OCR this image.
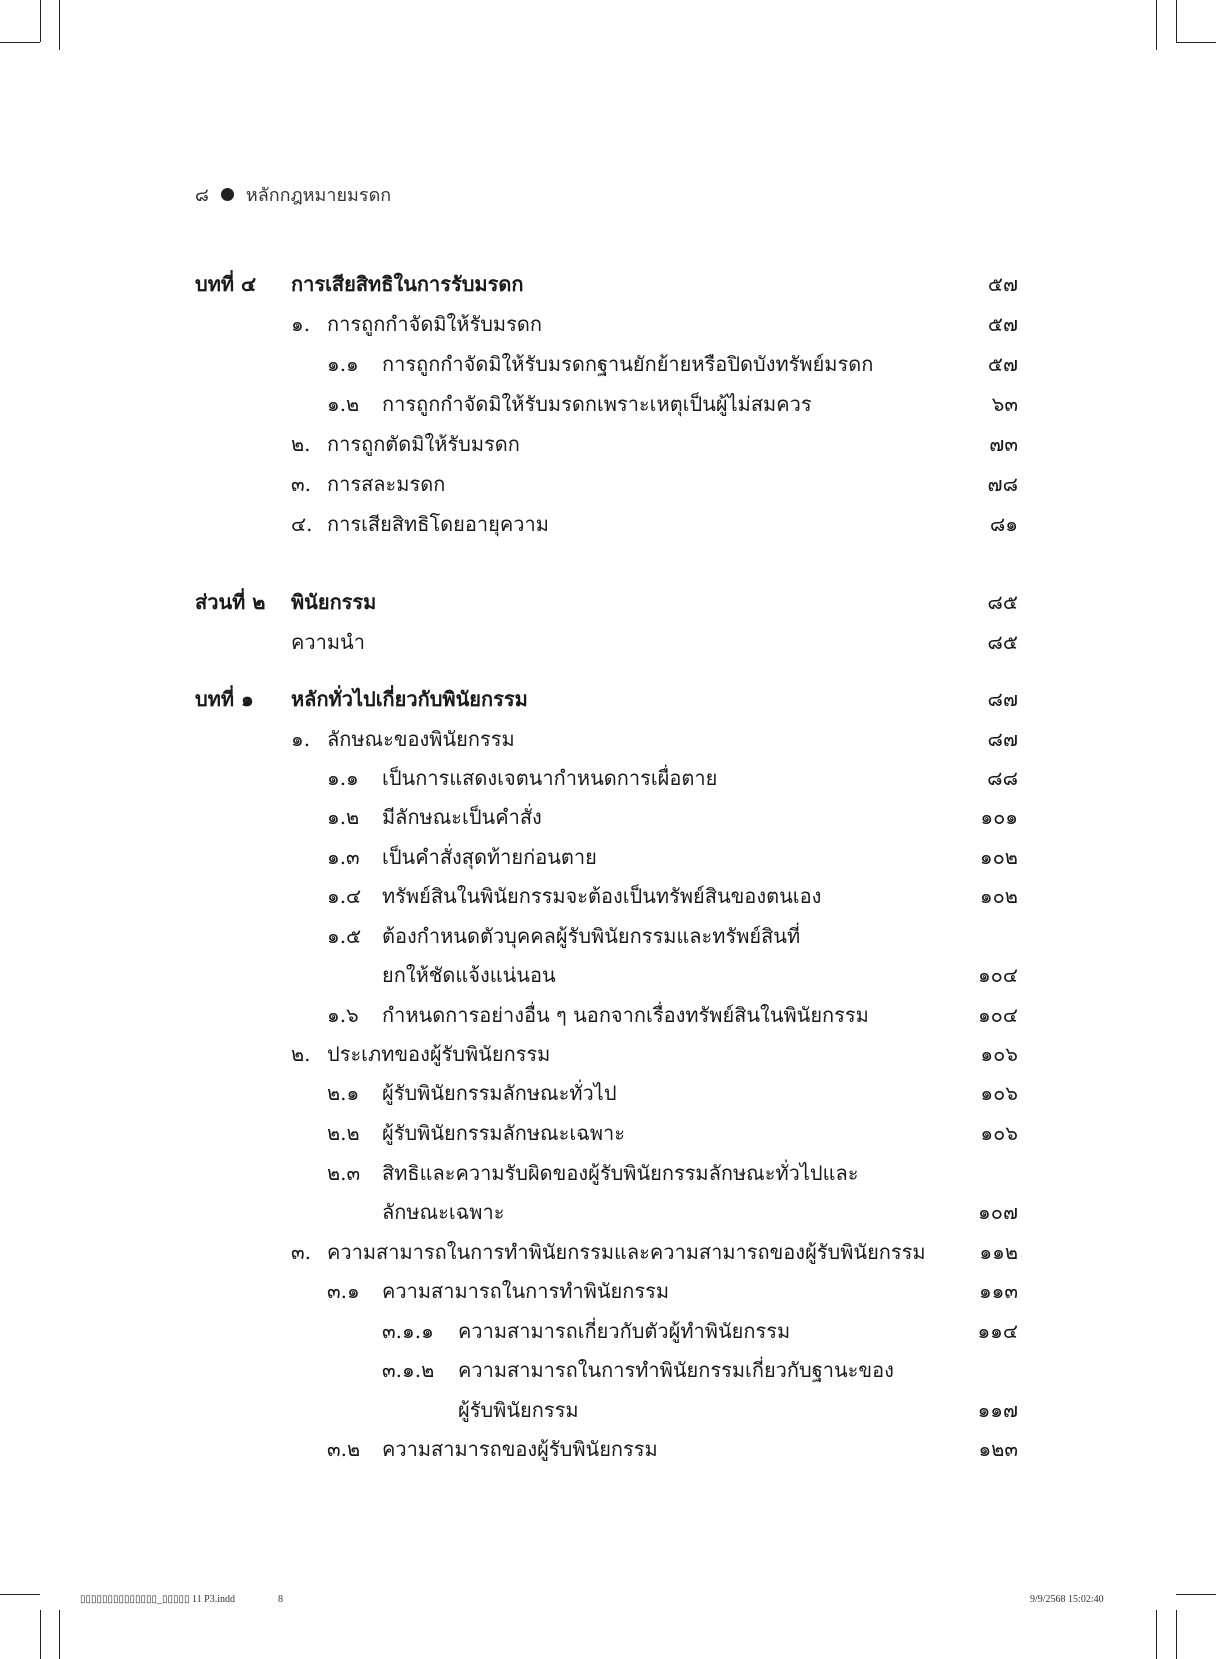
๘ หลักกฎหมายมรดก
บทที่ ๔ การเสียสิทธิในการรับมรดก	๕๗
๑. การถูกกำจัดมิให้รับมรดก	๕๗
๑.๑ การถูกกำจัดมิให้รับมรดกฐานยักย้ายหรือปิดบังทรัพย์มรดก	๕๗
๑.๒ การถูกกำจัดมิให้รับมรดกเพราะเหตุเป็นผู้ไม่สมควร	๖๓
๒. การถูกตัดมิให้รับมรดก	๗๓
๓. การสละมรดก	๗๘
๔. การเสียสิทธิโดยอายุความ	๘๑
ส่วนที่ ๒ พินัยกรรม	๘๕
ความนำ	๘๕
บทที่ ๑ หลักทั่วไปเกี่ยวกับพินัยกรรม	๘๗
๑. ลักษณะของพินัยกรรม	๘๗
๑.๑ เป็นการแสดงเจตนากำหนดการเผื่อตาย	๘๘
๑.๒ มีลักษณะเป็นคำสั่ง	๑๐๑
๑.๓ เป็นคำสั่งสุดท้ายก่อนตาย	๑๐๒
๑.๔ ทรัพย์สินในพินัยกรรมจะต้องเป็นทรัพย์สินของตนเอง	๑๐๒
๑.๕ ต้องกำหนดตัวบุคคลผู้รับพินัยกรรมและทรัพย์สินที่
ยกให้ชัดแจ้งแน่นอน	๑๐๔
๑.๖ กำหนดการอย่างอื่น ๆ นอกจากเรื่องทรัพย์สินในพินัยกรรม	๑๐๔
๒. ประเภทของผู้รับพินัยกรรม	๑๐๖
๒.๑ ผู้รับพินัยกรรมลักษณะทั่วไป	๑๐๖
๒.๒ ผู้รับพินัยกรรมลักษณะเฉพาะ	๑๐๖
๒.๓ สิทธิและความรับผิดของผู้รับพินัยกรรมลักษณะทั่วไปและ
ลักษณะเฉพาะ	๑๐๗
๓. ความสามารถในการทำพินัยกรรมและความสามารถของผู้รับพินัยกรรม	๑๑๒
๓.๑ ความสามารถในการทำพินัยกรรม	๑๑๓
๓.๑.๑ ความสามารถเกี่ยวกับตัวผู้ทำพินัยกรรม	๑๑๔
๓.๑.๒ ความสามารถในการทำพินัยกรรมเกี่ยวกับฐานะของ
ผู้รับพินัยกรรม	๑๑๗
๓.๒ ความสามารถของผู้รับพินัยกรรม	๑๒๓
▯▯▯▯▯▯▯▯▯▯▯▯▯▯_▯▯▯▯▯ 11 P3.indd	8	9/9/2568 15:02:40
